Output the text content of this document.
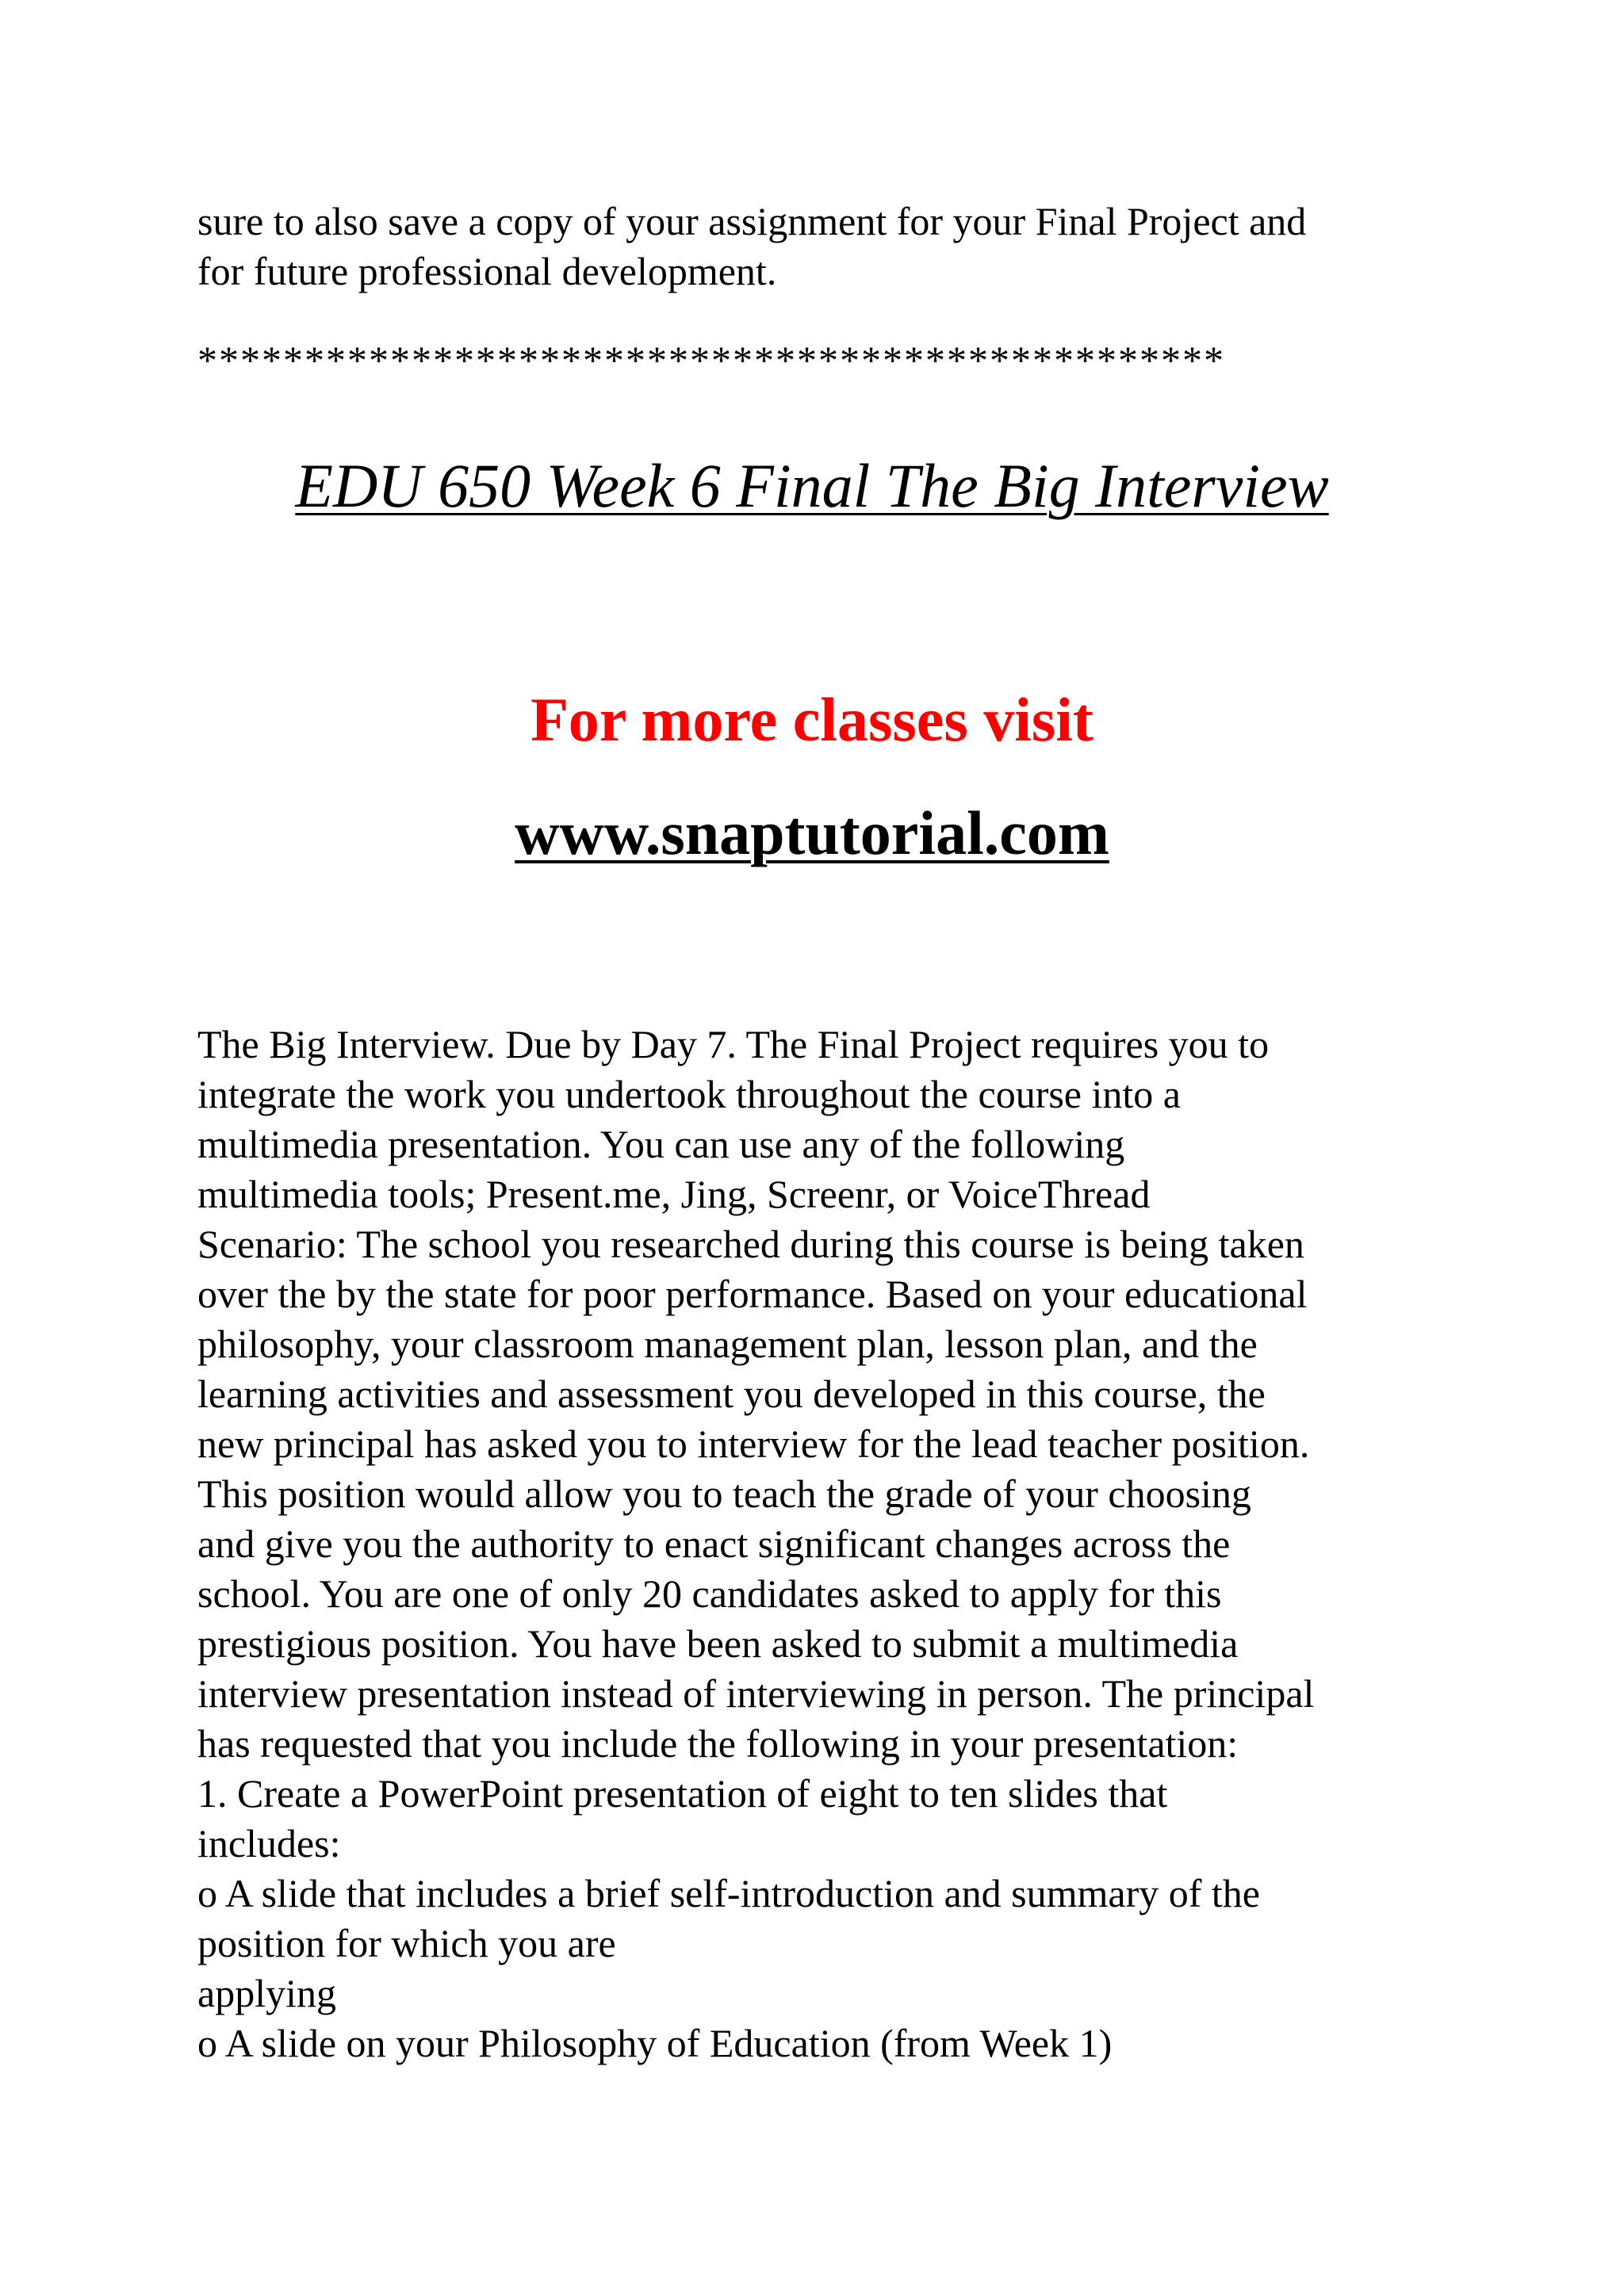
sure to also save a copy of your assignment for your Final Project and
for future professional development.
************************************************
EDU 650 Week 6 Final The Big Interview
For more classes visit
www.snaptutorial.com
The Big Interview. Due by Day 7. The Final Project requires you to
integrate the work you undertook throughout the course into a
multimedia presentation. You can use any of the following
multimedia tools; Present.me, Jing, Screenr, or VoiceThread
Scenario: The school you researched during this course is being taken
over the by the state for poor performance. Based on your educational
philosophy, your classroom management plan, lesson plan, and the
learning activities and assessment you developed in this course, the
new principal has asked you to interview for the lead teacher position.
This position would allow you to teach the grade of your choosing
and give you the authority to enact significant changes across the
school. You are one of only 20 candidates asked to apply for this
prestigious position. You have been asked to submit a multimedia
interview presentation instead of interviewing in person. The principal
has requested that you include the following in your presentation:
1. Create a PowerPoint presentation of eight to ten slides that
includes:
o A slide that includes a brief self-introduction and summary of the
position for which you are
applying
o A slide on your Philosophy of Education (from Week 1)
